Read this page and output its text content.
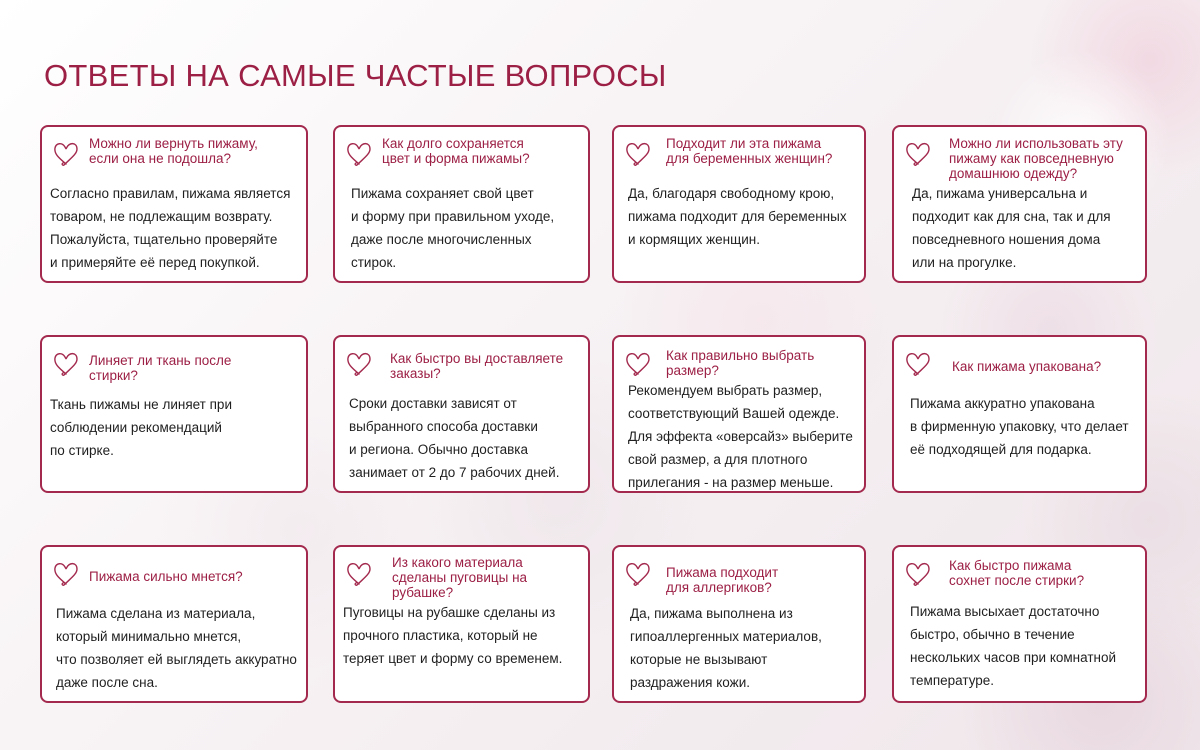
ОТВЕТЫ НА САМЫЕ ЧАСТЫЕ ВОПРОСЫ

Можно ли вернуть пижаму,
если она не подошла?

Согласно правилам, пижама является
товаром, не подлежащим возврату.
Пожалуйста, тщательно проверяйте
и примеряйте её перед покупкой.

Как долго сохраняется
цвет и форма пижамы?

Пижама сохраняет свой цвет
и форму при правильном уходе,
даже после многочисленных
стирок.

Подходит ли эта пижама
для беременных женщин?

Да, благодаря свободному крою,
пижама подходит для беременных
и кормящих женщин.

Можно ли использовать эту
пижаму как повседневную
домашнюю одежду?

Да, пижама универсальна и
подходит как для сна, так и для
повседневного ношения дома
или на прогулке.

Линяет ли ткань после
стирки?

Ткань пижамы не линяет при
соблюдении рекомендаций
по стирке.

Как быстро вы доставляете
заказы?

Сроки доставки зависят от
выбранного способа доставки
и региона. Обычно доставка
занимает от 2 до 7 рабочих дней.

Как правильно выбрать
размер?

Рекомендуем выбрать размер,
соответствующий Вашей одежде.
Для эффекта «оверсайз» выберите
свой размер, а для плотного
прилегания - на размер меньше.

Как пижама упакована?

Пижама аккуратно упакована
в фирменную упаковку, что делает
её подходящей для подарка.

Пижама сильно мнется?

Пижама сделана из материала,
который минимально мнется,
что позволяет ей выглядеть аккуратно
даже после сна.

Из какого материала
сделаны пуговицы на
рубашке?

Пуговицы на рубашке сделаны из
прочного пластика, который не
теряет цвет и форму со временем.

Пижама подходит
для аллергиков?

Да, пижама выполнена из
гипоаллергенных материалов,
которые не вызывают
раздражения кожи.

Как быстро пижама
сохнет после стирки?

Пижама высыхает достаточно
быстро, обычно в течение
нескольких часов при комнатной
температуре.
